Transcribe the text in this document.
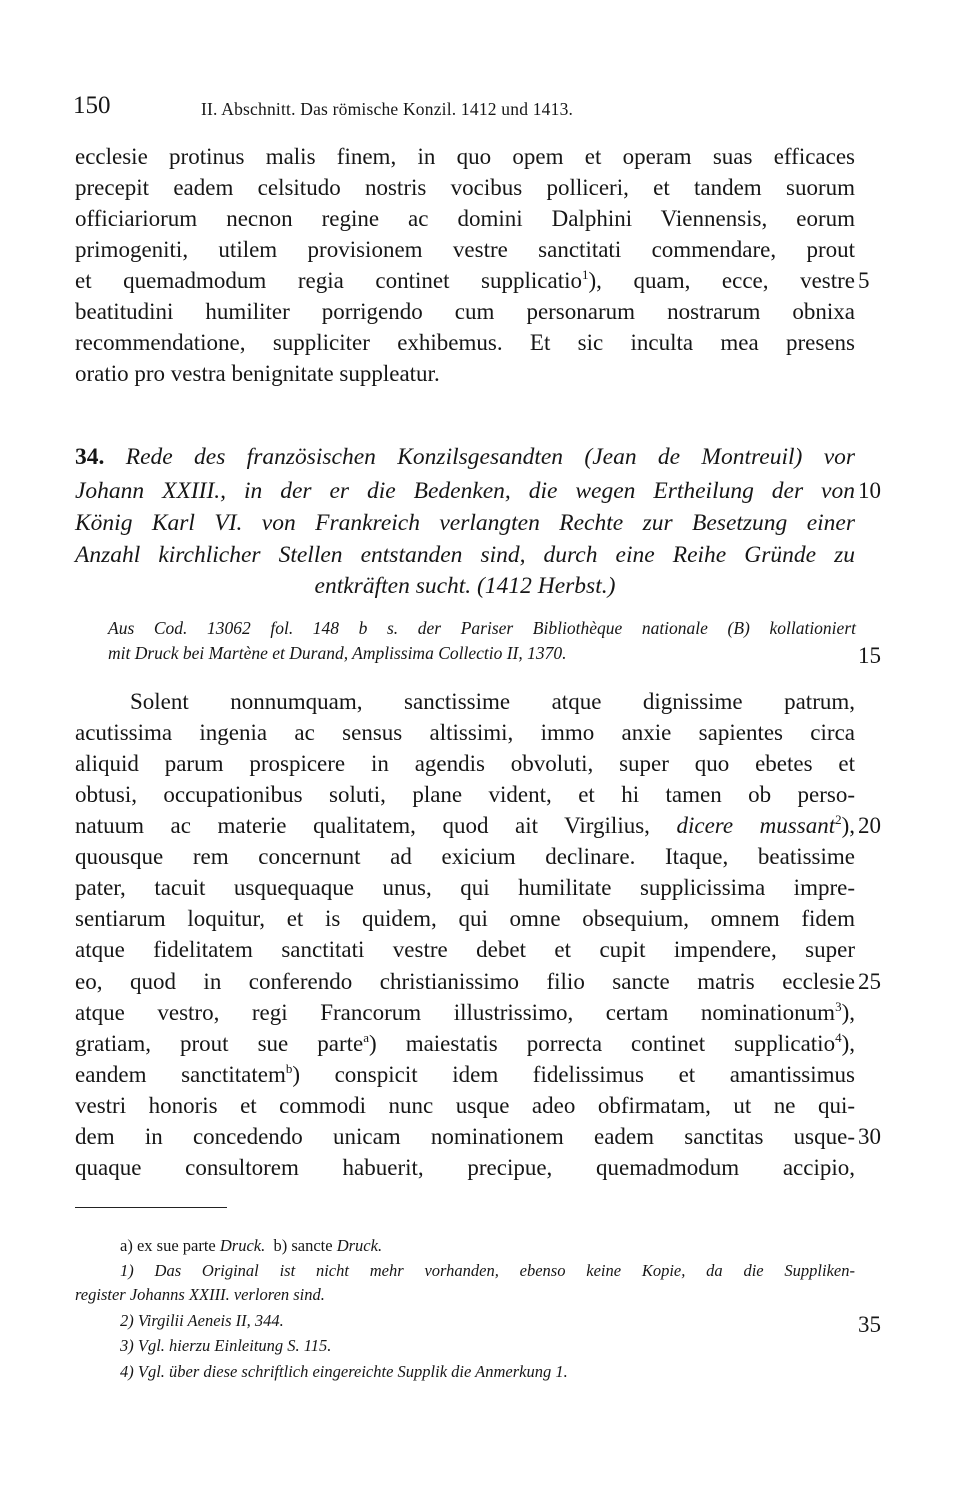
150	II. Abschnitt. Das römische Konzil. 1412 und 1413.
ecclesie protinus malis finem, in quo opem et operam suas efficaces
precepit eadem celsitudo nostris vocibus polliceri, et tandem suorum
officiariorum necnon regine ac domini Dalphini Viennensis, eorum
primogeniti, utilem provisionem vestre sanctitati commendare, prout
et quemadmodum regia continet supplicatio$^1$), quam, ecce, vestre 5
beatitudini humiliter porrigendo cum personarum nostrarum obnixa
recommendatione, suppliciter exhibemus. Et sic inculta mea presens
oratio pro vestra benignitate suppleatur.
34. Rede des französischen Konzilsgesandten (Jean de Montreuil) vor
Johann XXIII., in der er die Bedenken, die wegen Ertheilung der von 10
König Karl VI. von Frankreich verlangten Rechte zur Besetzung einer
Anzahl kirchlicher Stellen entstanden sind, durch eine Reihe Gründe zu
entkräften sucht. (1412 Herbst.)
Aus Cod. 13062 fol. 148 b s. der Pariser Bibliothèque nationale (B) kollationiert
mit Druck bei Martène et Durand, Amplissima Collectio II, 1370.	15
Solent nonnumquam, sanctissime atque dignissime patrum,
acutissima ingenia ac sensus altissimi, immo anxie sapientes circa
aliquid parum prospicere in agendis obvoluti, super quo ebetes et
obtusi, occupationibus soluti, plane vident, et hi tamen ob perso-
natuum ac materie qualitatem, quod ait Virgilius, dicere mussant$^2$), 20
quousque rem concernunt ad exicium declinare. Itaque, beatissime
pater, tacuit usquequaque unus, qui humilitate supplicissima impre-
sentiarum loquitur, et is quidem, qui omne obsequium, omnem fidem
atque fidelitatem sanctitati vestre debet et cupit impendere, super
eo, quod in conferendo christianissimo filio sancte matris ecclesie 25
atque vestro, regi Francorum illustrissimo, certam nominationum$^3$),
gratiam, prout sue parte$^a$) maiestatis porrecta continet supplicatio$^4$),
eandem sanctitatem$^b$) conspicit idem fidelissimus et amantissimus
vestri honoris et commodi nunc usque adeo obfirmatam, ut ne qui-
dem in concedendo unicam nominationem eadem sanctitas usque- 30
quaque consultorem habuerit, precipue, quemadmodum accipio,
a) ex sue parte Druck. b) sancte Druck.
1) Das Original ist nicht mehr vorhanden, ebenso keine Kopie, da die Suppliken-
register Johanns XXIII. verloren sind.
2) Virgilii Aeneis II, 344.	35
3) Vgl. hierzu Einleitung S. 115.
4) Vgl. über diese schriftlich eingereichte Supplik die Anmerkung 1.
